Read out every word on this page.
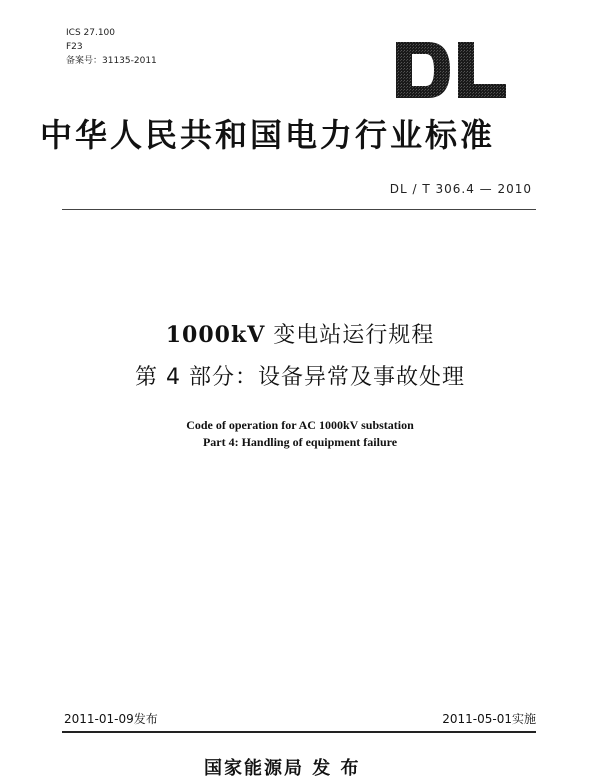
ICS 27.100
F23
备案号：31135-2011
DL
中华人民共和国电力行业标准
DL / T 306.4 — 2010
1000kV 变电站运行规程
第 4 部分：设备异常及事故处理
Code of operation for AC 1000kV substation
Part 4: Handling of equipment failure
2011-01-09发布	2011-05-01实施
国家能源局 发 布
